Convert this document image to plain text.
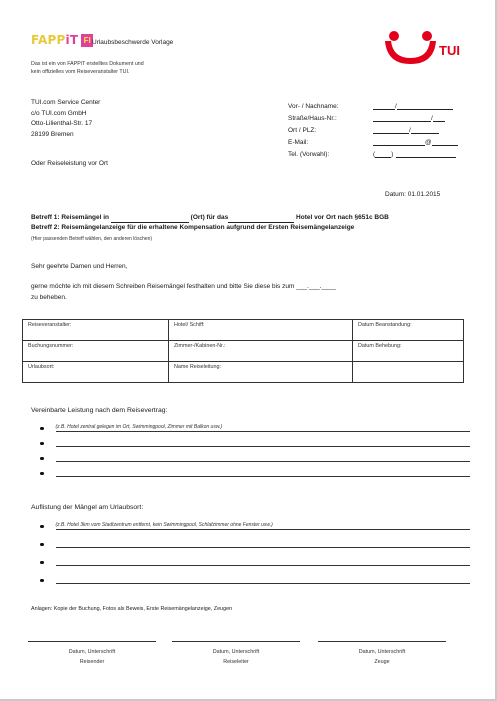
FAPPiT FI Urlaubsbeschwerde Vorlage
Das ist ein von FAPPiT erstelltes Dokument und
kein offizielles vom Reiseveranstalter TUI.
TUI
TUI.com Service Center
c/o TUI.com GmbH
Otto-Lilienthal-Str. 17
28199 Bremen
Oder Reiseleistung vor Ort
Vor- / Nachname:	/
Straße/Haus-Nr.:	/
Ort / PLZ:	/
E-Mail:	@
Tel. (Vorwahl):	( )
Datum: 01.01.2015
Betreff 1: Reisemängel in	(Ort) für das	Hotel vor Ort nach §651c BGB
Betreff 2: Reisemängelanzeige für die erhaltene Kompensation aufgrund der Ersten Reisemängelanzeige
(Hier passenden Betreff wählen, den anderen löschen)
Sehr geehrte Damen und Herren,
gerne möchte ich mit diesem Schreiben Reisemängel festhalten und bitte Sie diese bis zum ___.___.____
zu beheben.
Reiseveranstalter:	Hotel/ Schiff:	Datum Beanstandung:
Buchungsnummer:	Zimmer-/Kabinen-Nr.:	Datum Behebung:
Urlaubsort:	Name Reiseleitung:	
Vereinbarte Leistung nach dem Reisevertrag:
(z.B. Hotel zentral gelegen im Ort, Swimmingpool, Zimmer mit Balkon usw.)
Auflistung der Mängel am Urlaubsort:
(z.B. Hotel 3km vom Stadtzentrum entfernt, kein Swimmingpool, Schlafzimmer ohne Fenster usw.)
Anlagen: Kopie der Buchung, Fotos als Beweis, Erste Reisemängelanzeige, Zeugen
Datum, Unterschrift
Reisender
Datum, Unterschrift
Reiseleiter
Datum, Unterschrift
Zeuge
